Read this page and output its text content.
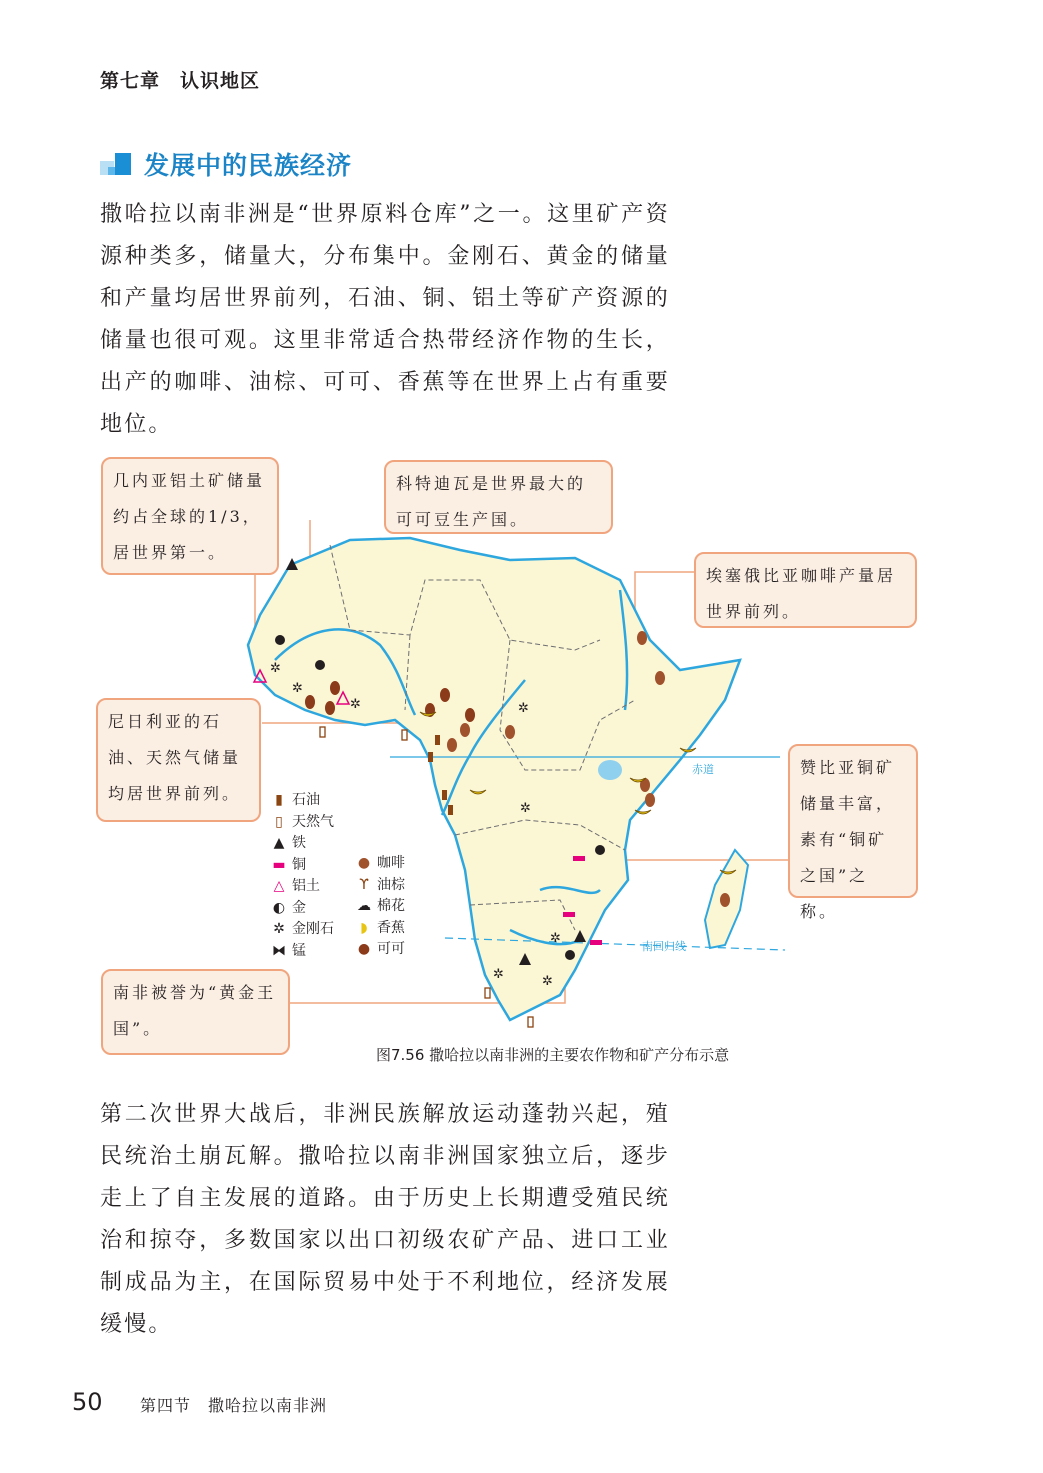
第七章　认识地区
发展中的民族经济
撒哈拉以南非洲是“世界原料仓库”之一。这里矿产资源种类多，储量大，分布集中。金刚石、黄金的储量和产量均居世界前列，石油、铜、铝土等矿产资源的储量也很可观。这里非常适合热带经济作物的生长，出产的咖啡、油棕、可可、香蕉等在世界上占有重要地位。
赤道
南回归线
✲
✲
✲	✲
✲
✲
✲	✲
几内亚铝土矿储量约占全球的1/3，居世界第一。
科特迪瓦是世界最大的可可豆生产国。
埃塞俄比亚咖啡产量居世界前列。
尼日利亚的石油、天然气储量均居世界前列。
赞比亚铜矿储量丰富，素有“铜矿之国”之称。
南非被誉为“黄金王国”。
▮ 石油
▯ 天然气
▲ 铁
▬ 铜
△ 铝土
◐ 金
✲ 金刚石
⧓ 锰
● 咖啡
ϒ 油棕
☁ 棉花
◗ 香蕉
● 可可
图7.56 撒哈拉以南非洲的主要农作物和矿产分布示意
第二次世界大战后，非洲民族解放运动蓬勃兴起，殖民统治土崩瓦解。撒哈拉以南非洲国家独立后，逐步走上了自主发展的道路。由于历史上长期遭受殖民统治和掠夺，多数国家以出口初级农矿产品、进口工业制成品为主，在国际贸易中处于不利地位，经济发展缓慢。
50 第四节　撒哈拉以南非洲
